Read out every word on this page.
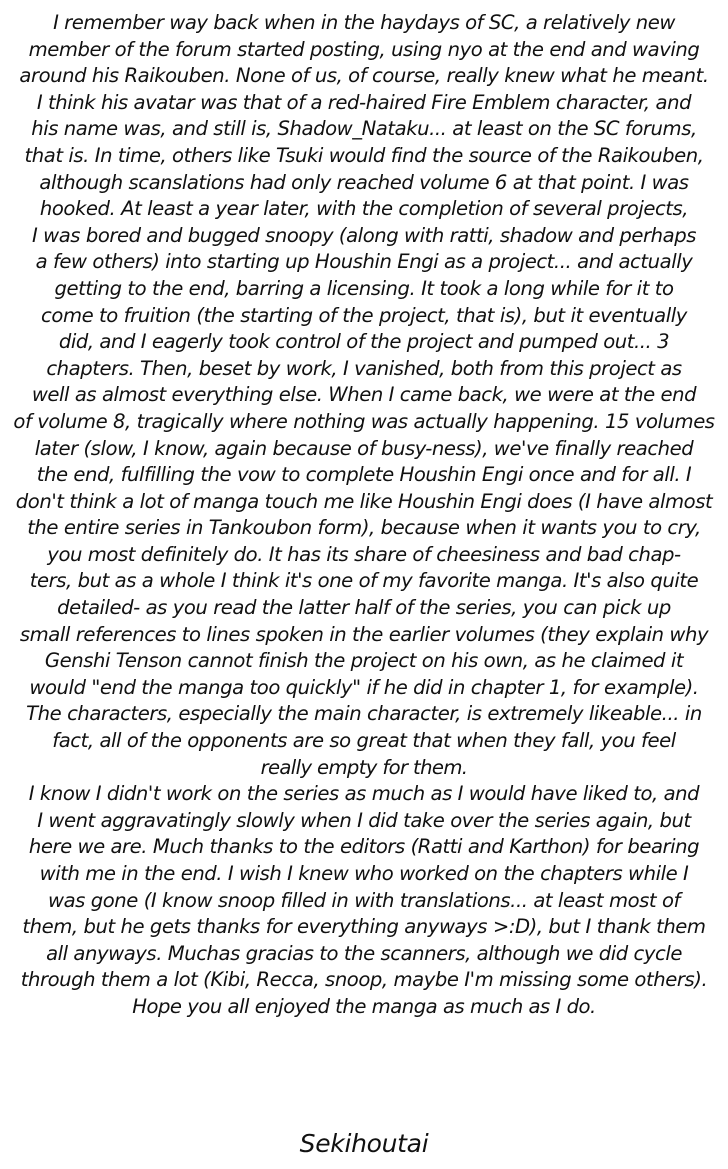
I remember way back when in the haydays of SC, a relatively new
member of the forum started posting, using nyo at the end and waving
around his Raikouben. None of us, of course, really knew what he meant.
I think his avatar was that of a red-haired Fire Emblem character, and
his name was, and still is, Shadow_Nataku... at least on the SC forums,
that is. In time, others like Tsuki would find the source of the Raikouben,
although scanslations had only reached volume 6 at that point. I was
hooked. At least a year later, with the completion of several projects,
I was bored and bugged snoopy (along with ratti, shadow and perhaps
a few others) into starting up Houshin Engi as a project... and actually
getting to the end, barring a licensing. It took a long while for it to
come to fruition (the starting of the project, that is), but it eventually
did, and I eagerly took control of the project and pumped out... 3
chapters. Then, beset by work, I vanished, both from this project as
well as almost everything else. When I came back, we were at the end
of volume 8, tragically where nothing was actually happening. 15 volumes
later (slow, I know, again because of busy-ness), we've finally reached
the end, fulfilling the vow to complete Houshin Engi once and for all. I
don't think a lot of manga touch me like Houshin Engi does (I have almost
the entire series in Tankoubon form), because when it wants you to cry,
you most definitely do. It has its share of cheesiness and bad chap-
ters, but as a whole I think it's one of my favorite manga. It's also quite
detailed- as you read the latter half of the series, you can pick up
small references to lines spoken in the earlier volumes (they explain why
Genshi Tenson cannot finish the project on his own, as he claimed it
would "end the manga too quickly" if he did in chapter 1, for example).
The characters, especially the main character, is extremely likeable... in
fact, all of the opponents are so great that when they fall, you feel
really empty for them.
I know I didn't work on the series as much as I would have liked to, and
I went aggravatingly slowly when I did take over the series again, but
here we are. Much thanks to the editors (Ratti and Karthon) for bearing
with me in the end. I wish I knew who worked on the chapters while I
was gone (I know snoop filled in with translations... at least most of
them, but he gets thanks for everything anyways >:D), but I thank them
all anyways. Muchas gracias to the scanners, although we did cycle
through them a lot (Kibi, Recca, snoop, maybe I'm missing some others).
Hope you all enjoyed the manga as much as I do.
Sekihoutai
